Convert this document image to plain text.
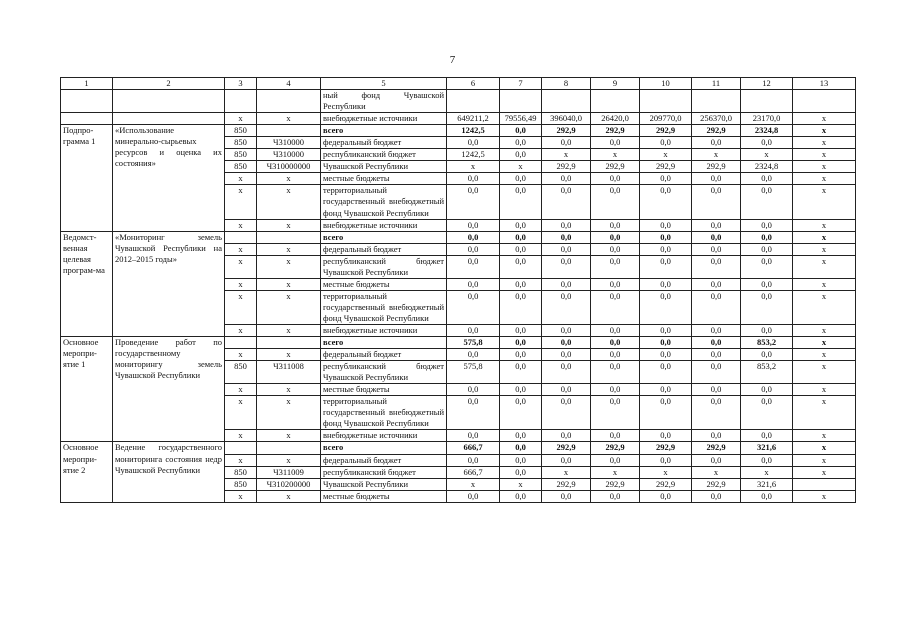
7
1	2	3	4	5	6	7	8	9	10	11	12	13
				ный фонд Чувашской Республики								
		x	x	внебюджетные источники	649211,2	79556,49	396040,0	26420,0	209770,0	256370,0	23170,0	x
Подпро-грамма 1	«Использование минерально-сырьевых ресурсов и оценка их состояния»	850		всего	1242,5	0,0	292,9	292,9	292,9	292,9	2324,8	x
		850	Ч310000	федеральный бюджет	0,0	0,0	0,0	0,0	0,0	0,0	0,0	x
		850	Ч310000	республиканский бюджет	1242,5	0,0	x	x	x	x	x	x
		850	Ч310000000	Чувашской Республики	x	x	292,9	292,9	292,9	292,9	2324,8	x
		x	x	местные бюджеты	0,0	0,0	0,0	0,0	0,0	0,0	0,0	x
		x	x	территориальный государственный внебюджетный фонд Чувашской Республики	0,0	0,0	0,0	0,0	0,0	0,0	0,0	x
		x	x	внебюджетные источники	0,0	0,0	0,0	0,0	0,0	0,0	0,0	x
Ведомст-венная целевая програм-ма	«Мониторинг земель Чувашской Республики на 2012–2015 годы»			всего	0,0	0,0	0,0	0,0	0,0	0,0	0,0	x
		x	x	федеральный бюджет	0,0	0,0	0,0	0,0	0,0	0,0	0,0	x
		x	x	республиканский бюджет Чувашской Республики	0,0	0,0	0,0	0,0	0,0	0,0	0,0	x
		x	x	местные бюджеты	0,0	0,0	0,0	0,0	0,0	0,0	0,0	x
		x	x	территориальный государственный внебюджетный фонд Чувашской Республики	0,0	0,0	0,0	0,0	0,0	0,0	0,0	x
		x	x	внебюджетные источники	0,0	0,0	0,0	0,0	0,0	0,0	0,0	x
Основное меропри-ятие 1	Проведение работ по государственному мониторингу земель Чувашской Республики			всего	575,8	0,0	0,0	0,0	0,0	0,0	853,2	x
		x	x	федеральный бюджет	0,0	0,0	0,0	0,0	0,0	0,0	0,0	x
		850	Ч311008	республиканский бюджет Чувашской Республики	575,8	0,0	0,0	0,0	0,0	0,0	853,2	x
		x	x	местные бюджеты	0,0	0,0	0,0	0,0	0,0	0,0	0,0	x
		x	x	территориальный государственный внебюджетный фонд Чувашской Республики	0,0	0,0	0,0	0,0	0,0	0,0	0,0	x
		x	x	внебюджетные источники	0,0	0,0	0,0	0,0	0,0	0,0	0,0	x
Основное меропри-ятие 2	Ведение государственного мониторинга состояния недр Чувашской Республики			всего	666,7	0,0	292,9	292,9	292,9	292,9	321,6	x
		x	x	федеральный бюджет	0,0	0,0	0,0	0,0	0,0	0,0	0,0	x
		850	Ч311009	республиканский бюджет	666,7	0,0	x	x	x	x	x	x
		850	Ч310200000	Чувашской Республики	x	x	292,9	292,9	292,9	292,9	321,6	
		x	x	местные бюджеты	0,0	0,0	0,0	0,0	0,0	0,0	0,0	x
